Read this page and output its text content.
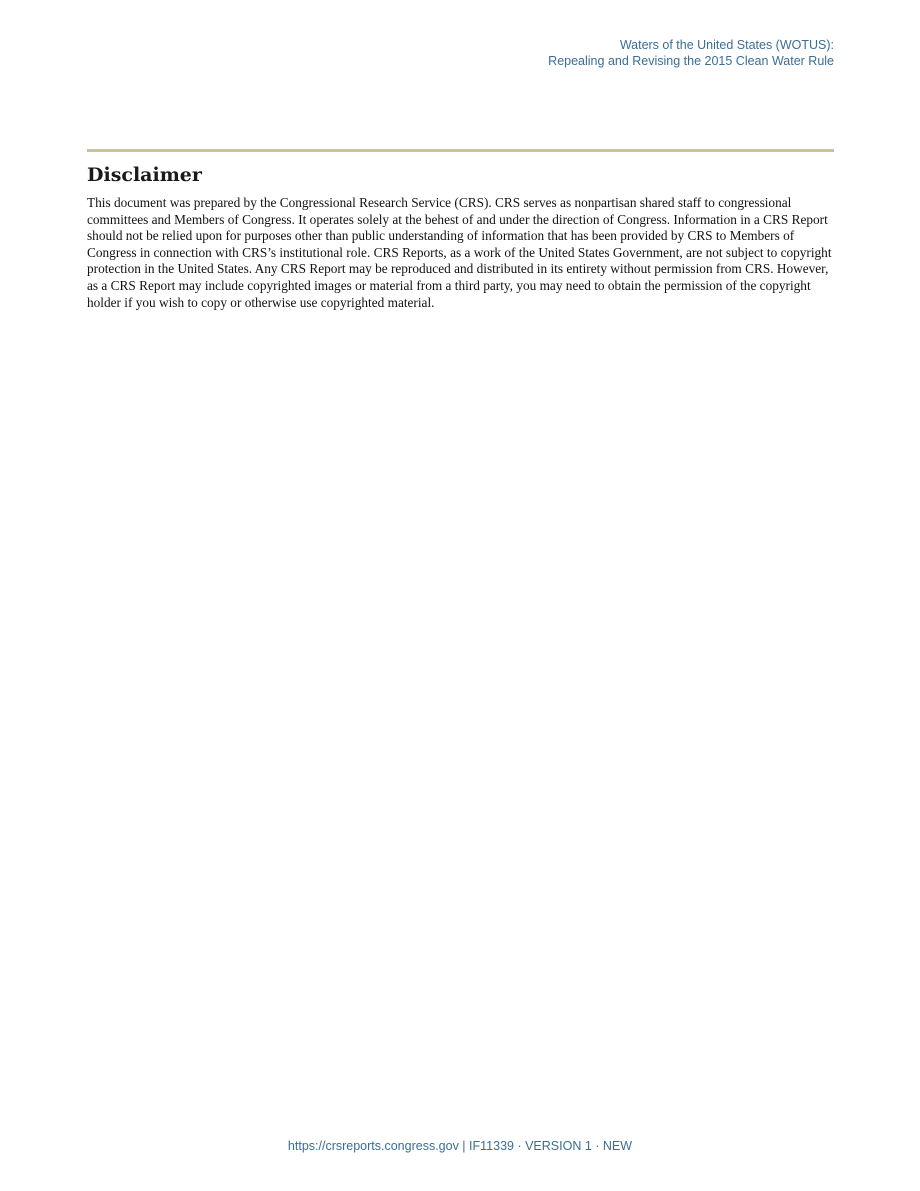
Waters of the United States (WOTUS):
Repealing and Revising the 2015 Clean Water Rule
Disclaimer

This document was prepared by the Congressional Research Service (CRS). CRS serves as nonpartisan shared staff to congressional committees and Members of Congress. It operates solely at the behest of and under the direction of Congress. Information in a CRS Report should not be relied upon for purposes other than public understanding of information that has been provided by CRS to Members of Congress in connection with CRS’s institutional role. CRS Reports, as a work of the United States Government, are not subject to copyright protection in the United States. Any CRS Report may be reproduced and distributed in its entirety without permission from CRS. However, as a CRS Report may include copyrighted images or material from a third party, you may need to obtain the permission of the copyright holder if you wish to copy or otherwise use copyrighted material.

https://crsreports.congress.gov | IF11339 · VERSION 1 · NEW
